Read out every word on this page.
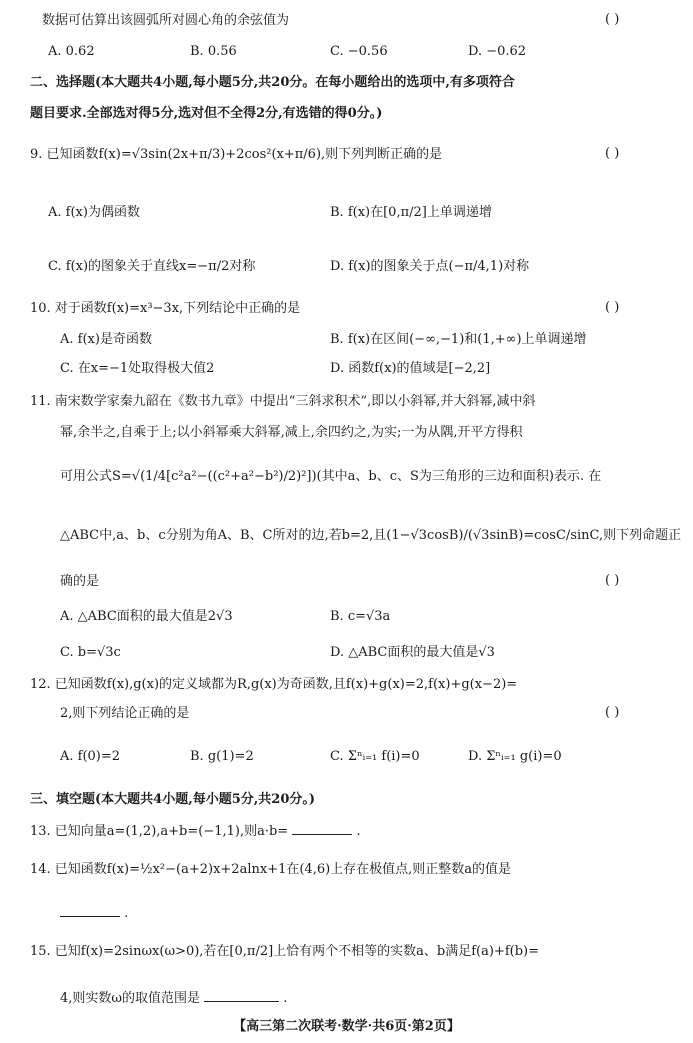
数据可估算出该圆弧所对圆心角的余弦值为	( )
A. 0.62	B. 0.56	C. −0.56	D. −0.62
二、选择题(本大题共4小题,每小题5分,共20分。在每小题给出的选项中,有多项符合
题目要求.全部选对得5分,选对但不全得2分,有选错的得0分。)
9. 已知函数f(x)=√3sin(2x+π/3)+2cos²(x+π/6),则下列判断正确的是	( )
A. f(x)为偶函数	B. f(x)在[0,π/2]上单调递增
C. f(x)的图象关于直线x=−π/2对称	D. f(x)的图象关于点(−π/4,1)对称
10. 对于函数f(x)=x³−3x,下列结论中正确的是	( )
A. f(x)是奇函数	B. f(x)在区间(−∞,−1)和(1,+∞)上单调递增
C. 在x=−1处取得极大值2	D. 函数f(x)的值域是[−2,2]
11. 南宋数学家秦九韶在《数书九章》中提出“三斜求积术”,即以小斜幂,并大斜幂,减中斜
幂,余半之,自乘于上;以小斜幂乘大斜幂,减上,余四约之,为实;一为从隅,开平方得积
可用公式S=√(1/4[c²a²−((c²+a²−b²)/2)²])(其中a、b、c、S为三角形的三边和面积)表示. 在
△ABC中,a、b、c分别为角A、B、C所对的边,若b=2,且(1−√3cosB)/(√3sinB)=cosC/sinC,则下列命题正
确的是	( )
A. △ABC面积的最大值是2√3	B. c=√3a
C. b=√3c	D. △ABC面积的最大值是√3
12. 已知函数f(x),g(x)的定义域都为R,g(x)为奇函数,且f(x)+g(x)=2,f(x)+g(x−2)=
2,则下列结论正确的是	( )
A. f(0)=2	B. g(1)=2	C. Σⁿᵢ₌₁ f(i)=0	D. Σⁿᵢ₌₁ g(i)=0
三、填空题(本大题共4小题,每小题5分,共20分。)
13. 已知向量a=(1,2),a+b=(−1,1),则a·b=	.
14. 已知函数f(x)=½x²−(a+2)x+2alnx+1在(4,6)上存在极值点,则正整数a的值是
.
15. 已知f(x)=2sinωx(ω>0),若在[0,π/2]上恰有两个不相等的实数a、b满足f(a)+f(b)=
4,则实数ω的取值范围是	.
【高三第二次联考·数学·共6页·第2页】
